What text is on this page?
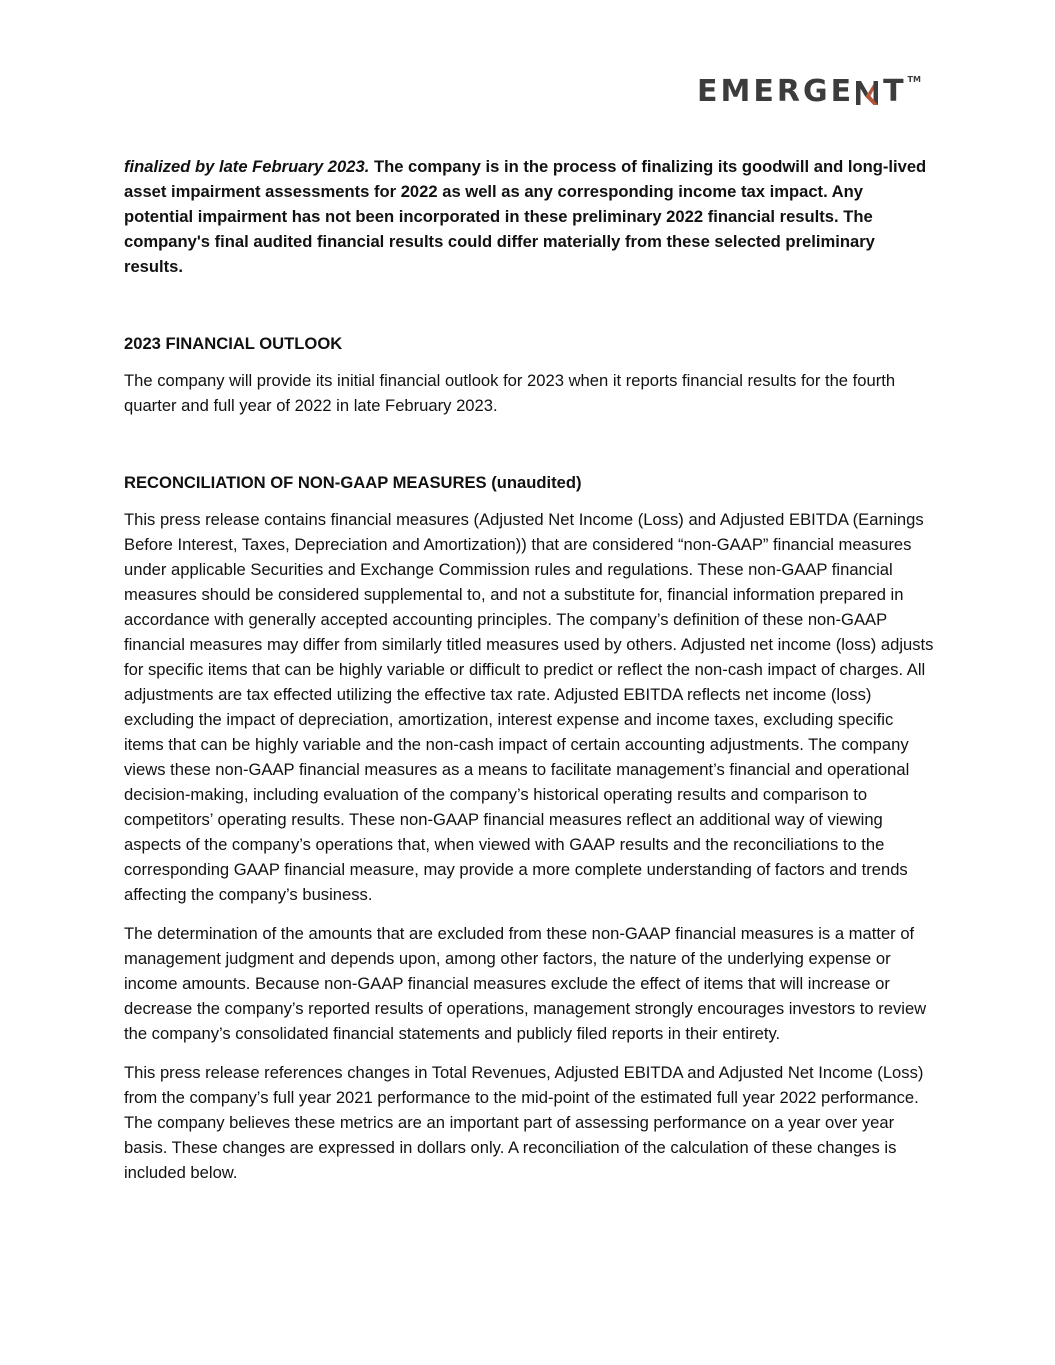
EMERGE T TM

finalized by late February 2023. The company is in the process of finalizing its goodwill and long-lived asset impairment assessments for 2022 as well as any corresponding income tax impact. Any potential impairment has not been incorporated in these preliminary 2022 financial results. The company's final audited financial results could differ materially from these selected preliminary results.

2023 FINANCIAL OUTLOOK

The company will provide its initial financial outlook for 2023 when it reports financial results for the fourth quarter and full year of 2022 in late February 2023.

RECONCILIATION OF NON-GAAP MEASURES (unaudited)

This press release contains financial measures (Adjusted Net Income (Loss) and Adjusted EBITDA (Earnings Before Interest, Taxes, Depreciation and Amortization)) that are considered “non-GAAP” financial measures under applicable Securities and Exchange Commission rules and regulations. These non-GAAP financial measures should be considered supplemental to, and not a substitute for, financial information prepared in accordance with generally accepted accounting principles. The company’s definition of these non-GAAP financial measures may differ from similarly titled measures used by others. Adjusted net income (loss) adjusts for specific items that can be highly variable or difficult to predict or reflect the non-cash impact of charges. All adjustments are tax effected utilizing the effective tax rate. Adjusted EBITDA reflects net income (loss) excluding the impact of depreciation, amortization, interest expense and income taxes, excluding specific items that can be highly variable and the non-cash impact of certain accounting adjustments. The company views these non-GAAP financial measures as a means to facilitate management’s financial and operational decision-making, including evaluation of the company’s historical operating results and comparison to competitors’ operating results. These non-GAAP financial measures reflect an additional way of viewing aspects of the company’s operations that, when viewed with GAAP results and the reconciliations to the corresponding GAAP financial measure, may provide a more complete understanding of factors and trends affecting the company’s business.

The determination of the amounts that are excluded from these non-GAAP financial measures is a matter of management judgment and depends upon, among other factors, the nature of the underlying expense or income amounts. Because non-GAAP financial measures exclude the effect of items that will increase or decrease the company’s reported results of operations, management strongly encourages investors to review the company’s consolidated financial statements and publicly filed reports in their entirety.

This press release references changes in Total Revenues, Adjusted EBITDA and Adjusted Net Income (Loss) from the company’s full year 2021 performance to the mid-point of the estimated full year 2022 performance. The company believes these metrics are an important part of assessing performance on a year over year basis. These changes are expressed in dollars only. A reconciliation of the calculation of these changes is included below.
